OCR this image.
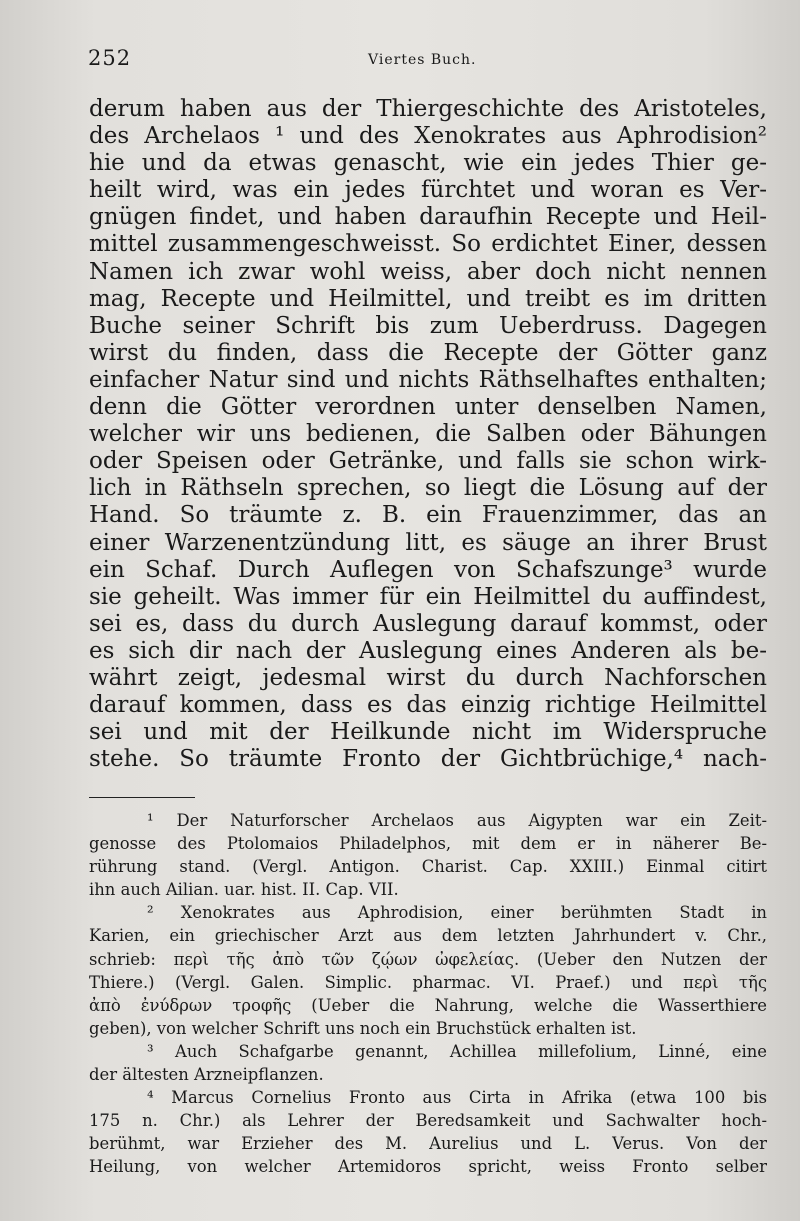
252	Viertes Buch.
derum haben aus der Thiergeschichte des Aristoteles,
des Archelaos ¹ und des Xenokrates aus Aphrodision²
hie und da etwas genascht, wie ein jedes Thier ge-
heilt wird, was ein jedes fürchtet und woran es Ver-
gnügen findet, und haben daraufhin Recepte und Heil-
mittel zusammengeschweisst. So erdichtet Einer, dessen
Namen ich zwar wohl weiss, aber doch nicht nennen
mag, Recepte und Heilmittel, und treibt es im dritten
Buche seiner Schrift bis zum Ueberdruss. Dagegen
wirst du finden, dass die Recepte der Götter ganz
einfacher Natur sind und nichts Räthselhaftes enthalten;
denn die Götter verordnen unter denselben Namen,
welcher wir uns bedienen, die Salben oder Bähungen
oder Speisen oder Getränke, und falls sie schon wirk-
lich in Räthseln sprechen, so liegt die Lösung auf der
Hand. So träumte z. B. ein Frauenzimmer, das an
einer Warzenentzündung litt, es säuge an ihrer Brust
ein Schaf. Durch Auflegen von Schafszunge³ wurde
sie geheilt. Was immer für ein Heilmittel du auffindest,
sei es, dass du durch Auslegung darauf kommst, oder
es sich dir nach der Auslegung eines Anderen als be-
währt zeigt, jedesmal wirst du durch Nachforschen
darauf kommen, dass es das einzig richtige Heilmittel
sei und mit der Heilkunde nicht im Widerspruche
stehe. So träumte Fronto der Gichtbrüchige,⁴ nach-
¹ Der Naturforscher Archelaos aus Aigypten war ein Zeit-
genosse des Ptolomaios Philadelphos, mit dem er in näherer Be-
rührung stand. (Vergl. Antigon. Charist. Cap. XXIII.) Einmal citirt
ihn auch Ailian. uar. hist. II. Cap. VII.
² Xenokrates aus Aphrodision, einer berühmten Stadt in
Karien, ein griechischer Arzt aus dem letzten Jahrhundert v. Chr.,
schrieb: περὶ τῆς ἀπὸ τῶν ζῴων ὠφελείας. (Ueber den Nutzen der
Thiere.) (Vergl. Galen. Simplic. pharmac. VI. Praef.) und περὶ τῆς
ἀπὸ ἐνύδρων τροφῆς (Ueber die Nahrung, welche die Wasserthiere
geben), von welcher Schrift uns noch ein Bruchstück erhalten ist.
³ Auch Schafgarbe genannt, Achillea millefolium, Linné, eine
der ältesten Arzneipflanzen.
⁴ Marcus Cornelius Fronto aus Cirta in Afrika (etwa 100 bis
175 n. Chr.) als Lehrer der Beredsamkeit und Sachwalter hoch-
berühmt, war Erzieher des M. Aurelius und L. Verus. Von der
Heilung, von welcher Artemidoros spricht, weiss Fronto selber
